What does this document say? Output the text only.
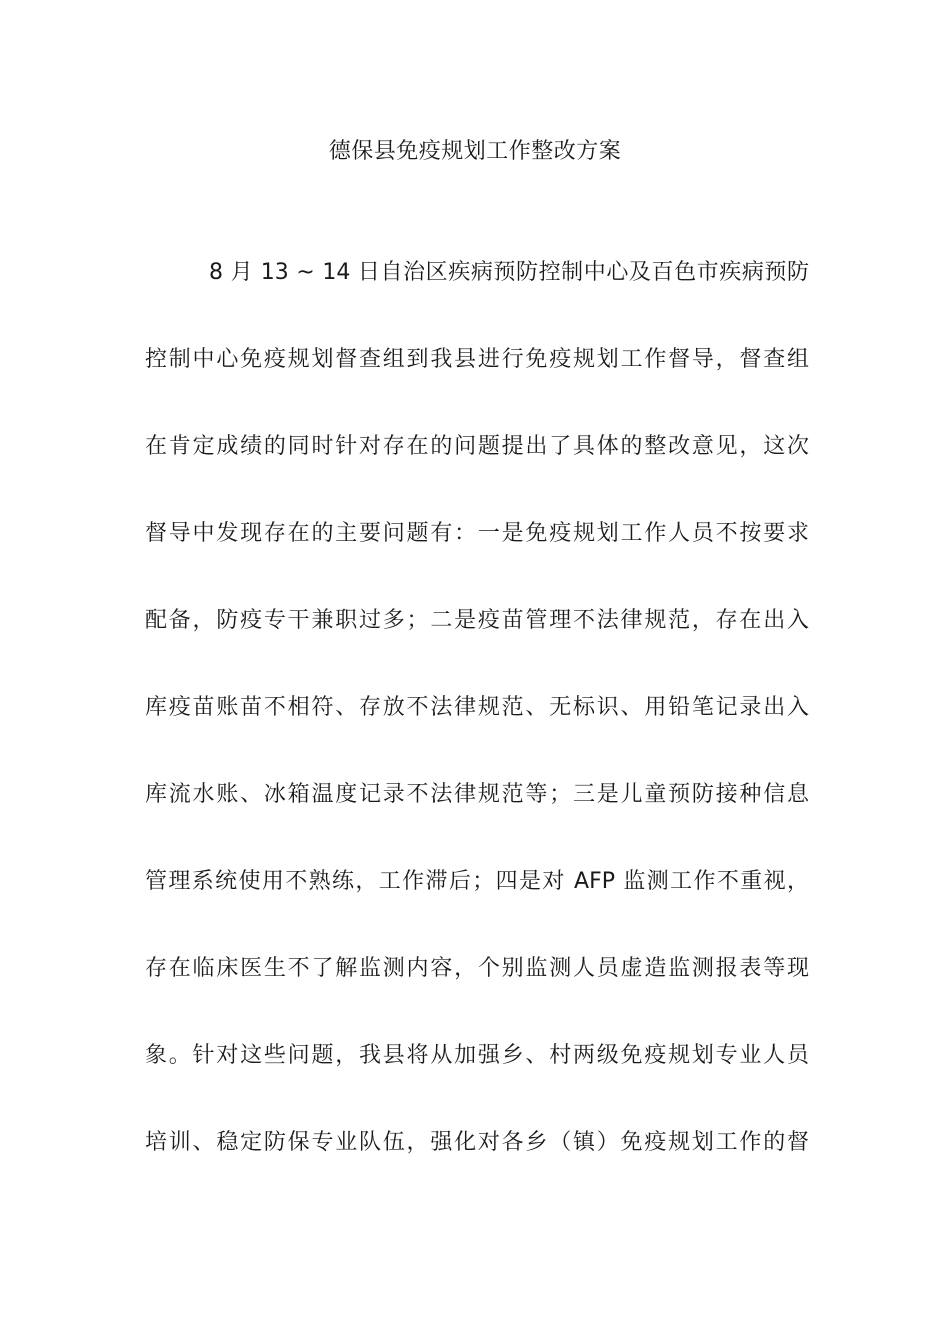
德保县免疫规划工作整改方案
8 月 13 ~ 14 日自治区疾病预防控制中心及百色市疾病预防
控制中心免疫规划督查组到我县进行免疫规划工作督导，督查组
在肯定成绩的同时针对存在的问题提出了具体的整改意见，这次
督导中发现存在的主要问题有：一是免疫规划工作人员不按要求
配备，防疫专干兼职过多；二是疫苗管理不法律规范，存在出入
库疫苗账苗不相符、存放不法律规范、无标识、用铅笔记录出入
库流水账、冰箱温度记录不法律规范等；三是儿童预防接种信息
管理系统使用不熟练，工作滞后；四是对 AFP 监测工作不重视，
存在临床医生不了解监测内容，个别监测人员虚造监测报表等现
象。针对这些问题，我县将从加强乡、村两级免疫规划专业人员
培训、稳定防保专业队伍，强化对各乡（镇）免疫规划工作的督
